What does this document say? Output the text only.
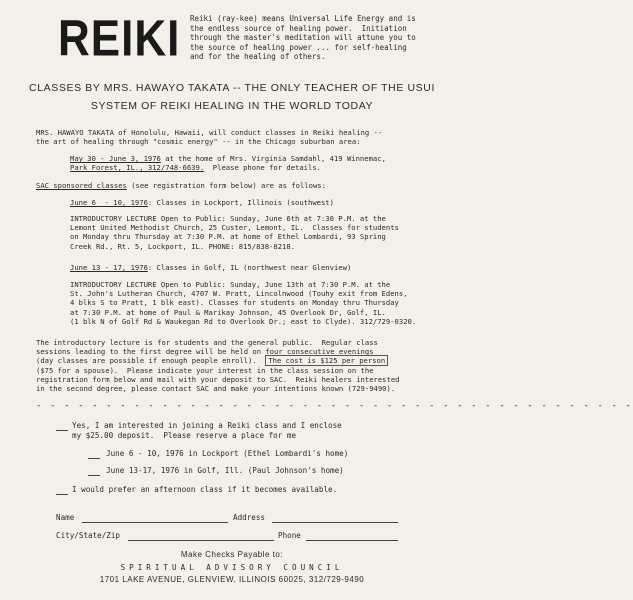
REIKI Reiki (ray-kee) means Universal Life Energy and is
the endless source of healing power.  Initiation
through the master's meditation will attune you to
the source of healing power ... for self-healing
and for the healing of others.
CLASSES BY MRS. HAWAYO TAKATA -- THE ONLY TEACHER OF THE USUI
SYSTEM OF REIKI HEALING IN THE WORLD TODAY
MRS. HAWAYO TAKATA of Honolulu, Hawaii, will conduct classes in Reiki healing --
the art of healing through "cosmic energy" -- in the Chicago suburban area:
May 30 - June 3, 1976 at the home of Mrs. Virginia Samdahl, 419 Winnemac,
Park Forest, IL., 312/748-6639.  Please phone for details.
SAC sponsored classes (see registration form below) are as follows:
June 6  - 10, 1976: Classes in Lockport, Illinois (southwest)
INTRODUCTORY LECTURE Open to Public: Sunday, June 6th at 7:30 P.M. at the
Lemont United Methodist Church, 25 Custer, Lemont, IL.  Classes for students
on Monday thru Thursday at 7:30 P.M. at home of Ethel Lombardi, 93 Spring
Creek Rd., Rt. 5, Lockport, IL. PHONE: 815/838-8218.
June 13 - 17, 1976: Classes in Golf, IL (northwest near Glenview)
INTRODUCTORY LECTURE Open to Public: Sunday, June 13th at 7:30 P.M. at the
St. John's Lutheran Church, 4707 W. Pratt, Lincolnwood (Touhy exit from Edens,
4 blks S to Pratt, 1 blk east). Classes for students on Monday thru Thursday
at 7:30 P.M. at home of Paul & Marikay Johnson, 45 Overlook Dr, Golf, IL.
(1 blk N of Golf Rd & Waukegan Rd to Overlook Dr.; east to Clyde). 312/729-0320.
The introductory lecture is for students and the general public.  Regular class
sessions leading to the first degree will be held on four consecutive evenings
(day classes are possible if enough people enroll).  The cost is $125 per person
($75 for a spouse).  Please indicate your interest in the class session on the
registration form below and mail with your deposit to SAC.  Reiki healers interested
in the second degree, please contact SAC and make your intentions known (729-9490).
- - - - - - - - - - - - - - - - - - - - - - - - - - - - - - - - - - - - - - - - - - -
Yes, I am interested in joining a Reiki class and I enclose
my $25.00 deposit.  Please reserve a place for me
June 6 - 10, 1976 in Lockport (Ethel Lombardi's home)
June 13-17, 1976 in Golf, Ill. (Paul Johnson's home)
I would prefer an afternoon class if it becomes available.
Name	Address
City/State/Zip	Phone
Make Checks Payable to:
SPIRITUAL ADVISORY COUNCIL
1701 LAKE AVENUE, GLENVIEW, ILLINOIS 60025, 312/729-9490
